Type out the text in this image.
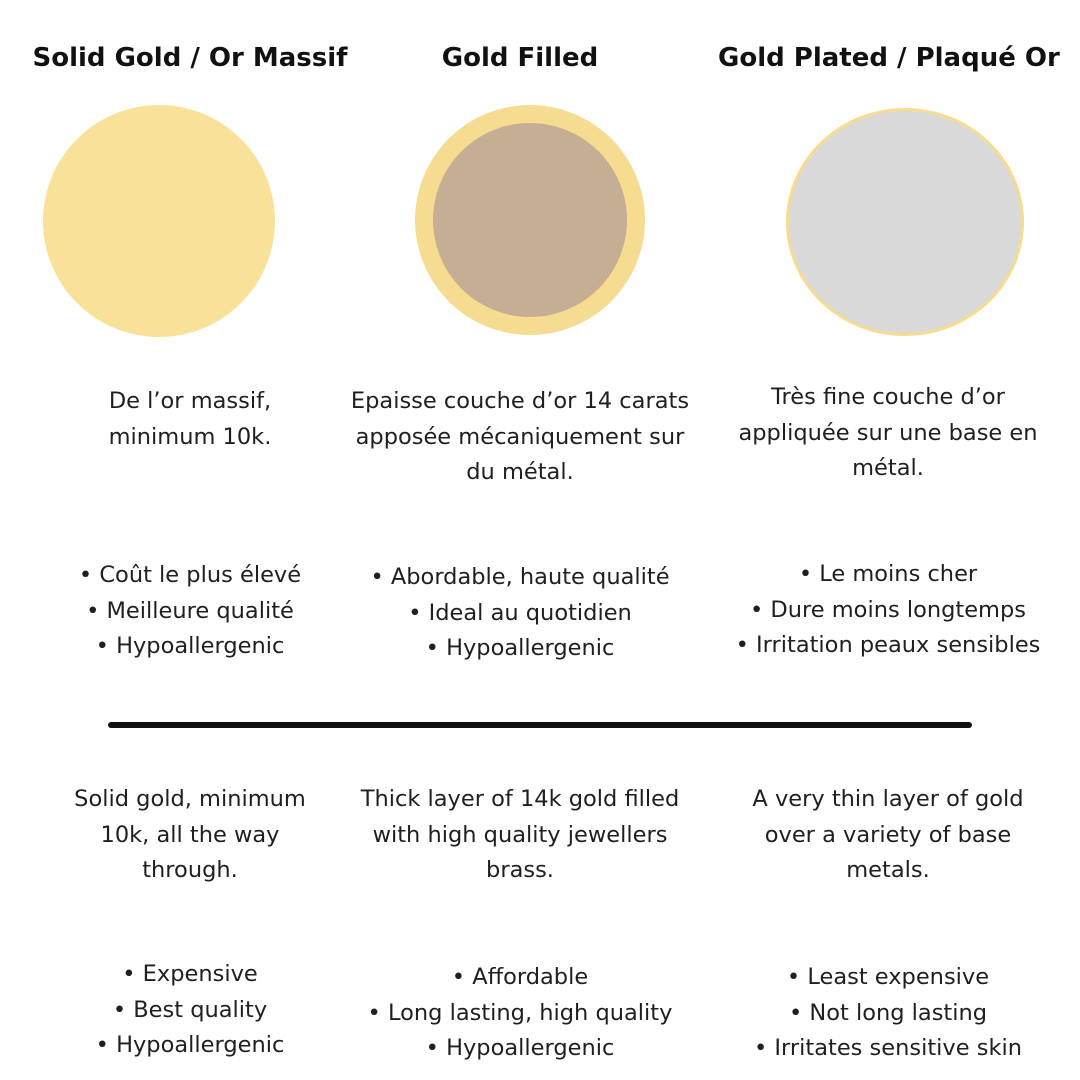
Solid Gold / Or Massif
De l’or massif,
minimum 10k.
• Coût le plus élevé
• Meilleure qualité
• Hypoallergenic
Solid gold, minimum
10k, all the way
through.
• Expensive
• Best quality
• Hypoallergenic
Gold Filled
Epaisse couche d’or 14 carats
apposée mécaniquement sur
du métal.
• Abordable, haute qualité
• Ideal au quotidien
• Hypoallergenic
Thick layer of 14k gold filled
with high quality jewellers
brass.
• Affordable
• Long lasting, high quality
• Hypoallergenic
Gold Plated / Plaqué Or
Très fine couche d’or
appliquée sur une base en
métal.
• Le moins cher
• Dure moins longtemps
• Irritation peaux sensibles
A very thin layer of gold
over a variety of base
metals.
• Least expensive
• Not long lasting
• Irritates sensitive skin
